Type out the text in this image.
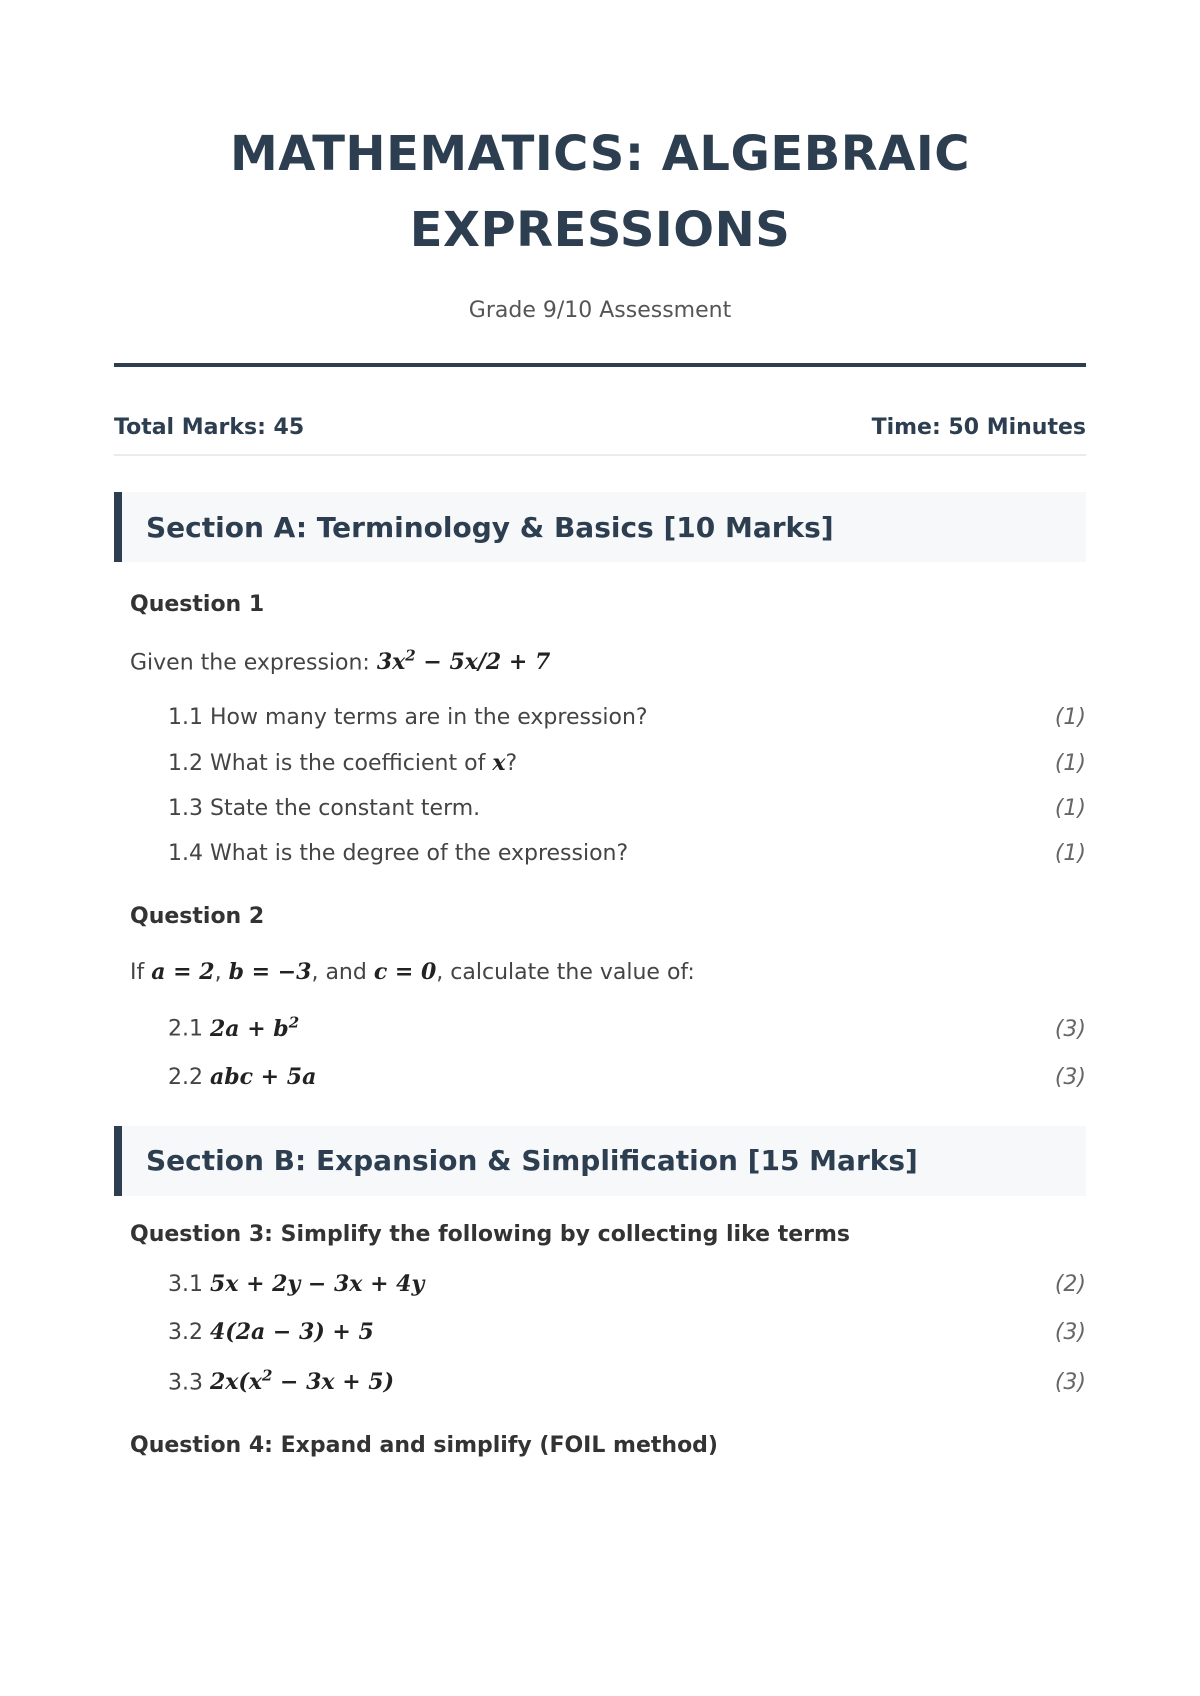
MATHEMATICS: ALGEBRAIC
EXPRESSIONS
Grade 9/10 Assessment
Total Marks: 45	Time: 50 Minutes
Section A: Terminology & Basics [10 Marks]
Question 1
Given the expression: $3x^2 - 5x/2 + 7$
1.1 How many terms are in the expression?	(1)
1.2 What is the coefficient of x?	(1)
1.3 State the constant term.	(1)
1.4 What is the degree of the expression?	(1)
Question 2
If a = 2, b = −3, and c = 0, calculate the value of:
2.1 $2a + b^2$	(3)
2.2 abc + 5a	(3)
Section B: Expansion & Simplification [15 Marks]
Question 3: Simplify the following by collecting like terms
3.1 5x + 2y − 3x + 4y	(2)
3.2 4(2a − 3) + 5	(3)
3.3 $2x(x^2 - 3x + 5)$	(3)
Question 4: Expand and simplify (FOIL method)
